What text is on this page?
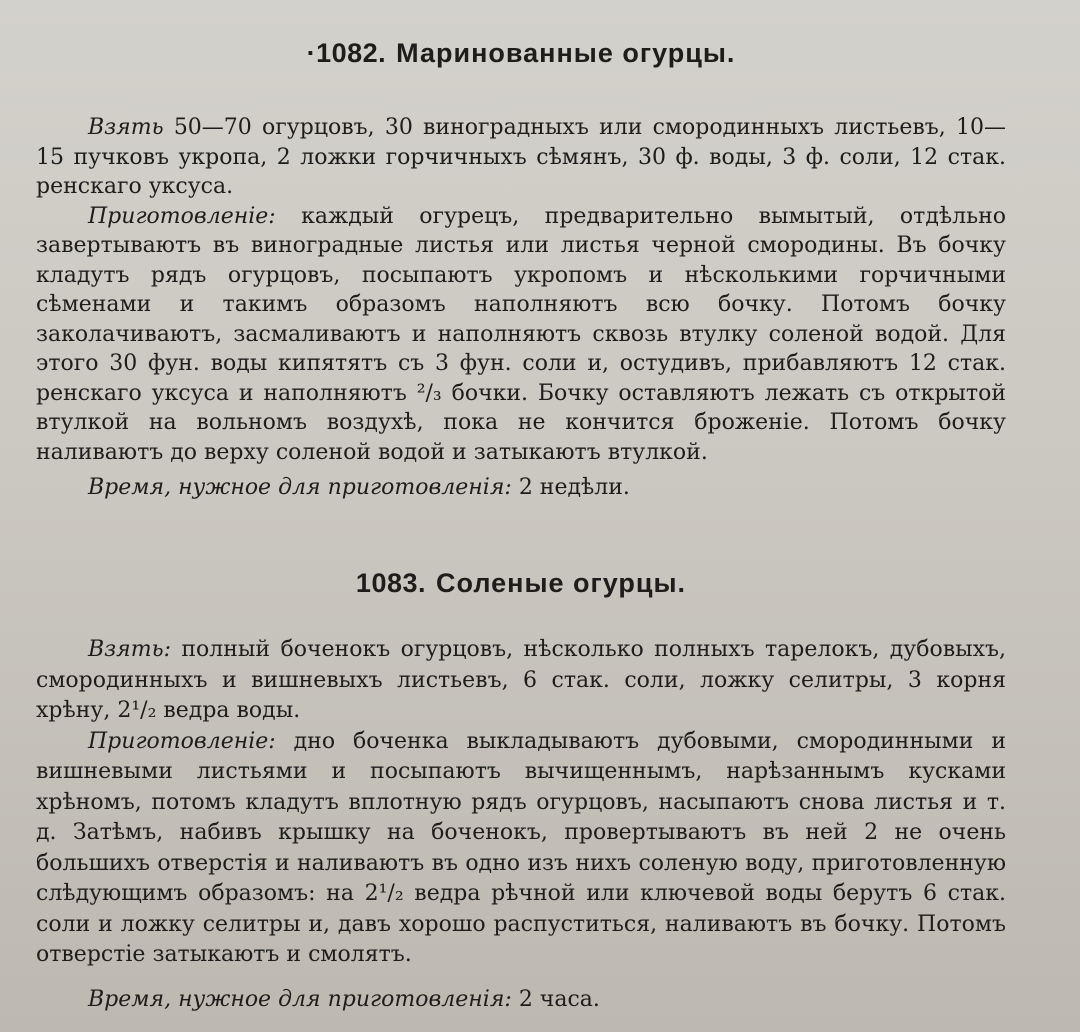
·1082. Маринованные огурцы.

Взять 50—70 огурцовъ, 30 виноградныхъ или смородинныхъ листьевъ, 10—15 пучковъ укропа, 2 ложки горчичныхъ сѣмянъ, 30 ф. воды, 3 ф. соли, 12 стак. ренскаго уксуса.

Приготовленіе: каждый огурецъ, предварительно вымытый, отдѣльно завертываютъ въ виноградные листья или листья черной смородины. Въ бочку кладутъ рядъ огурцовъ, посыпаютъ укропомъ и нѣсколькими горчичными сѣменами и такимъ образомъ наполняютъ всю бочку. Потомъ бочку заколачиваютъ, засмаливаютъ и наполняютъ сквозь втулку соленой водой. Для этого 30 фун. воды кипятятъ съ 3 фун. соли и, остудивъ, прибавляютъ 12 стак. ренскаго уксуса и наполняютъ ²/₃ бочки. Бочку оставляютъ лежать съ открытой втулкой на вольномъ воздухѣ, пока не кончится броженіе. Потомъ бочку наливаютъ до верху соленой водой и затыкаютъ втулкой.

Время, нужное для приготовленія: 2 недѣли.

1083. Соленые огурцы.

Взять: полный боченокъ огурцовъ, нѣсколько полныхъ тарелокъ, дубовыхъ, смородинныхъ и вишневыхъ листьевъ, 6 стак. соли, ложку селитры, 3 корня хрѣну, 2¹/₂ ведра воды.

Приготовленіе: дно боченка выкладываютъ дубовыми, смородинными и вишневыми листьями и посыпаютъ вычищеннымъ, нарѣзаннымъ кусками хрѣномъ, потомъ кладутъ вплотную рядъ огурцовъ, насыпаютъ снова листья и т. д. Затѣмъ, набивъ крышку на боченокъ, провертываютъ въ ней 2 не очень большихъ отверстія и наливаютъ въ одно изъ нихъ соленую воду, приготовленную слѣдующимъ образомъ: на 2¹/₂ ведра рѣчной или ключевой воды берутъ 6 стак. соли и ложку селитры и, давъ хорошо распуститься, наливаютъ въ бочку. Потомъ отверстіе затыкаютъ и смолятъ.

Время, нужное для приготовленія: 2 часа.
